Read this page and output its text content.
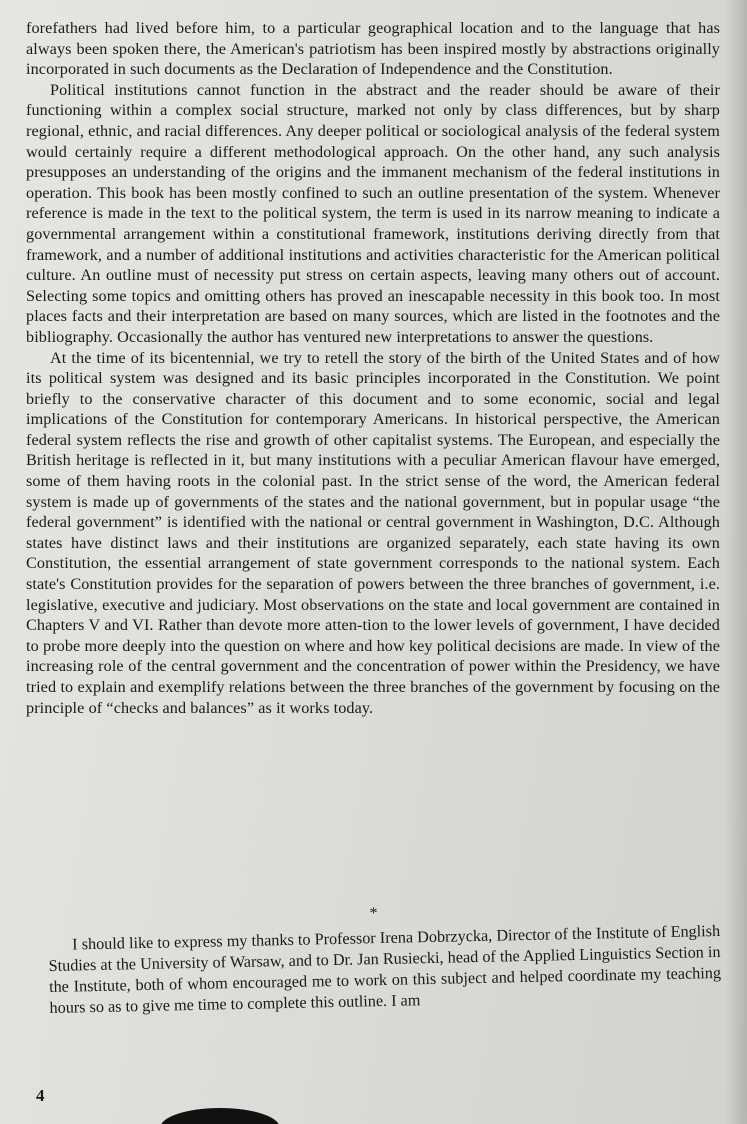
forefathers had lived before him, to a particular geographical location and to the language that has always been spoken there, the American's patriotism has been inspired mostly by abstractions originally incorporated in such documents as the Declaration of Independence and the Constitution.

Political institutions cannot function in the abstract and the reader should be aware of their functioning within a complex social structure, marked not only by class differences, but by sharp regional, ethnic, and racial differences. Any deeper political or sociological analysis of the federal system would certainly require a different methodological approach. On the other hand, any such analysis presupposes an understanding of the origins and the immanent mechanism of the federal institutions in operation. This book has been mostly confined to such an outline presentation of the system. Whenever reference is made in the text to the political system, the term is used in its narrow meaning to indicate a governmental arrangement within a constitutional framework, institutions deriving directly from that framework, and a number of additional institutions and activities characteristic for the American political culture. An outline must of necessity put stress on certain aspects, leaving many others out of account. Selecting some topics and omitting others has proved an inescapable necessity in this book too. In most places facts and their interpretation are based on many sources, which are listed in the footnotes and the bibliography. Occasionally the author has ventured new interpretations to answer the questions.

At the time of its bicentennial, we try to retell the story of the birth of the United States and of how its political system was designed and its basic principles incorporated in the Constitution. We point briefly to the conservative character of this document and to some economic, social and legal implications of the Constitution for contemporary Americans. In historical perspective, the American federal system reflects the rise and growth of other capitalist systems. The European, and especially the British heritage is reflected in it, but many institutions with a peculiar American flavour have emerged, some of them having roots in the colonial past. In the strict sense of the word, the American federal system is made up of governments of the states and the national government, but in popular usage “the federal government” is identified with the national or central government in Washington, D.C. Although states have distinct laws and their institutions are organized separately, each state having its own Constitution, the essential arrangement of state government corresponds to the national system. Each state's Constitution provides for the separation of powers between the three branches of government, i.e. legislative, executive and judiciary. Most observations on the state and local government are contained in Chapters V and VI. Rather than devote more atten-tion to the lower levels of government, I have decided to probe more deeply into the question on where and how key political decisions are made. In view of the increasing role of the central government and the concentration of power within the Presidency, we have tried to explain and exemplify relations between the three branches of the government by focusing on the principle of “checks and balances” as it works today.

*

I should like to express my thanks to Professor Irena Dobrzycka, Director of the Institute of English Studies at the University of Warsaw, and to Dr. Jan Rusiecki, head of the Applied Linguistics Section in the Institute, both of whom encouraged me to work on this subject and helped coordinate my teaching hours so as to give me time to complete this outline. I am

4
